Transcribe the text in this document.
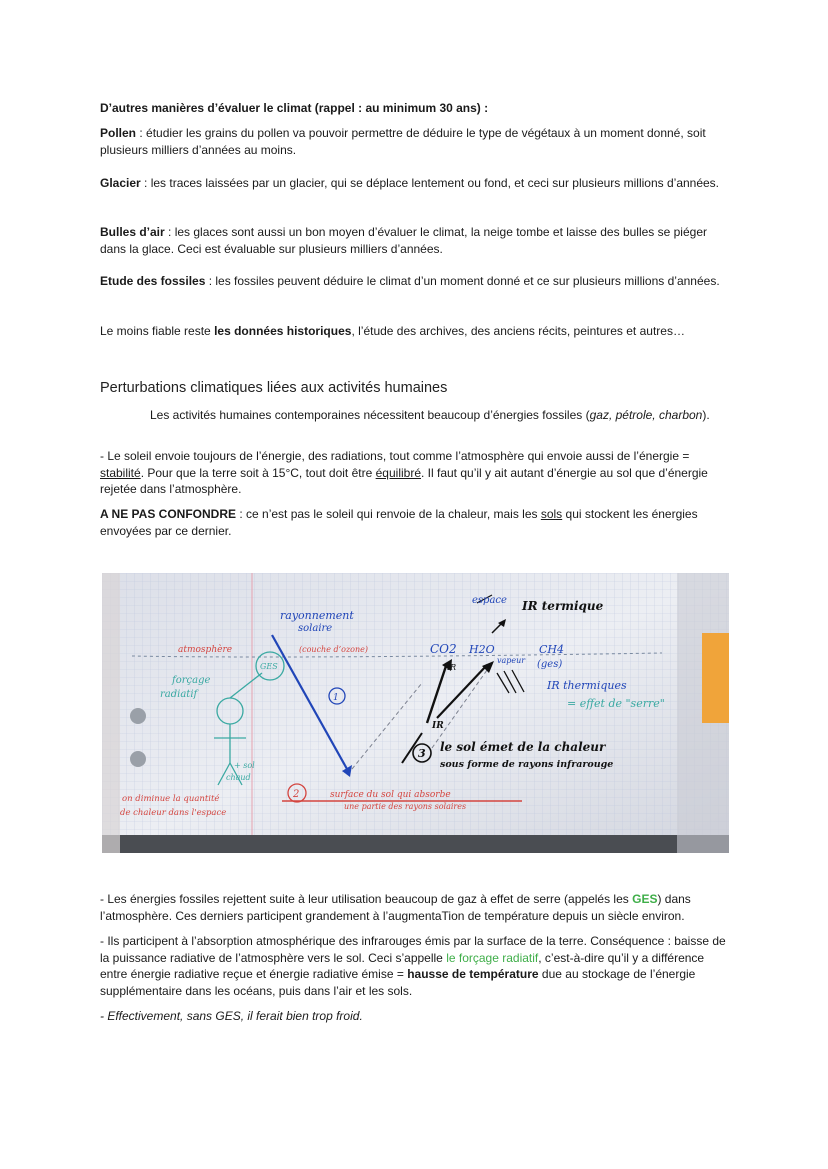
D’autres manières d’évaluer le climat (rappel : au minimum 30 ans) :

Pollen : étudier les grains du pollen va pouvoir permettre de déduire le type de végétaux à un moment donné, soit plusieurs milliers d’années au moins.

Glacier : les traces laissées par un glacier, qui se déplace lentement ou fond, et ceci sur plusieurs millions d’années.

Bulles d’air : les glaces sont aussi un bon moyen d’évaluer le climat, la neige tombe et laisse des bulles se piéger dans la glace. Ceci est évaluable sur plusieurs milliers d’années.

Etude des fossiles : les fossiles peuvent déduire le climat d’un moment donné et ce sur plusieurs millions d’années.

Le moins fiable reste les données historiques, l’étude des archives, des anciens récits, peintures et autres…

Perturbations climatiques liées aux activités humaines

Les activités humaines contemporaines nécessitent beaucoup d’énergies fossiles (gaz, pétrole, charbon).

- Le soleil envoie toujours de l’énergie, des radiations, tout comme l’atmosphère qui envoie aussi de l’énergie = stabilité. Pour que la terre soit à 15°C, tout doit être équilibré. Il faut qu’il y ait autant d’énergie au sol que d’énergie rejetée dans l’atmosphère.

A NE PAS CONFONDRE : ce n’est pas le soleil qui renvoie de la chaleur, mais les sols qui stockent les énergies envoyées par ce dernier.

espace IR termique
rayonnement
solaire
atmosphère
GES
(couche d’ozone)
forçage
radiatif
CO2 H2O	CH4
vapeur (ges)
IR
IR thermiques
= effet de "serre"
1
2
3
IR
le sol émet de la chaleur
sous forme de rayons infrarouge
+ sol
chaud
surface du sol qui absorbe
une partie des rayons solaires
on diminue la quantité
de chaleur dans l'espace

- Les énergies fossiles rejettent suite à leur utilisation beaucoup de gaz à effet de serre (appelés les GES) dans l’atmosphère. Ces derniers participent grandement à l’augmentaTion de température depuis un siècle environ.

- Ils participent à l’absorption atmosphérique des infrarouges émis par la surface de la terre. Conséquence : baisse de la puissance radiative de l’atmosphère vers le sol. Ceci s’appelle le forçage radiatif, c’est-à-dire qu’il y a différence entre énergie radiative reçue et énergie radiative émise = hausse de température due au stockage de l’énergie supplémentaire dans les océans, puis dans l’air et les sols.

- Effectivement, sans GES, il ferait bien trop froid.
